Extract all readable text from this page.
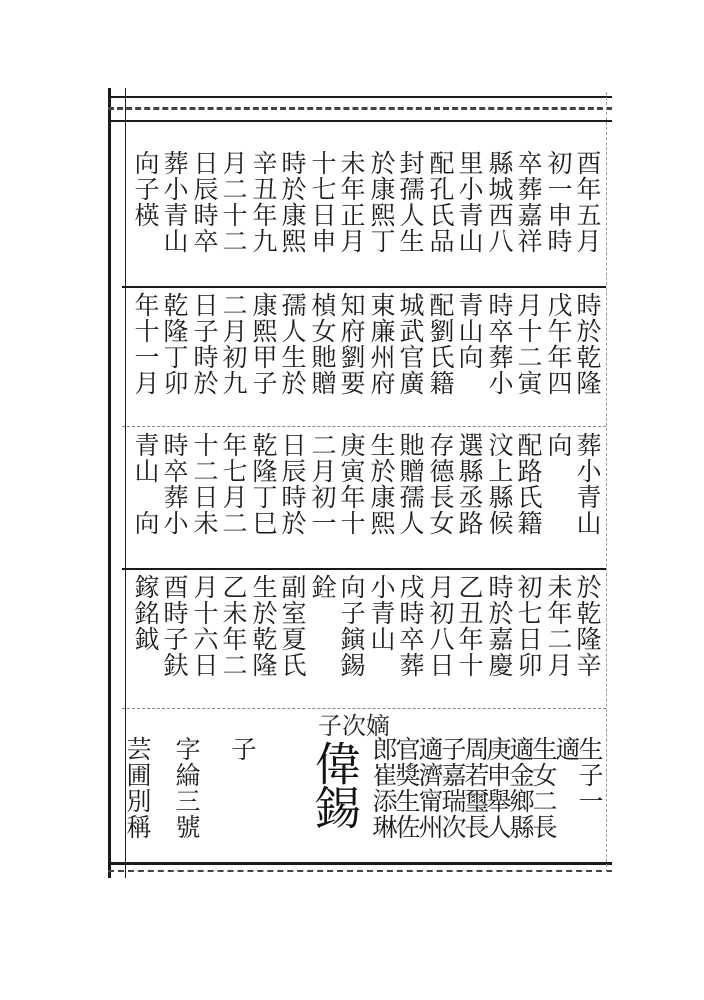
酉年五月
初一申時
卒葬嘉祥
縣城西八
里小青山
配孔氏品
封孺人生
於康熙丁
未年正月
十七日申
時於康熙
辛丑年九
月二十二
日辰時卒
葬小青山
向子楧
時於乾隆
戊午年四
月十二寅
時卒葬小
青山向
配劉氏籍
城武官廣
東廉州府
知府劉要
楨女貤贈
孺人生於
康熙甲子
二月初九
日子時於
乾隆丁卯
年十一月
葬小青山
向
配路氏籍
汶上縣候
選縣丞路
存德長女
貤贈孺人
生於康熙
庚寅年十
二月初一
日辰時於
乾隆丁巳
年七月二
十二日未
時卒葬小
青山　向
於乾隆辛
未年二月
初七日卯
時於嘉慶
乙丑年十
月初八日
戌時卒葬
小青山
向子鏔錫
銓
副室夏氏
生於乾隆
乙未年二
月十六日
酉時子鈇
鎵銘鉞
生子一
適
生女二長
適金鄉縣
庚申舉人
周若璽長
子嘉瑞次
適濟甯州
官獎生佐
郎崔添琳
子
字綸三號
芸圃別稱
子次嫡
偉錫
